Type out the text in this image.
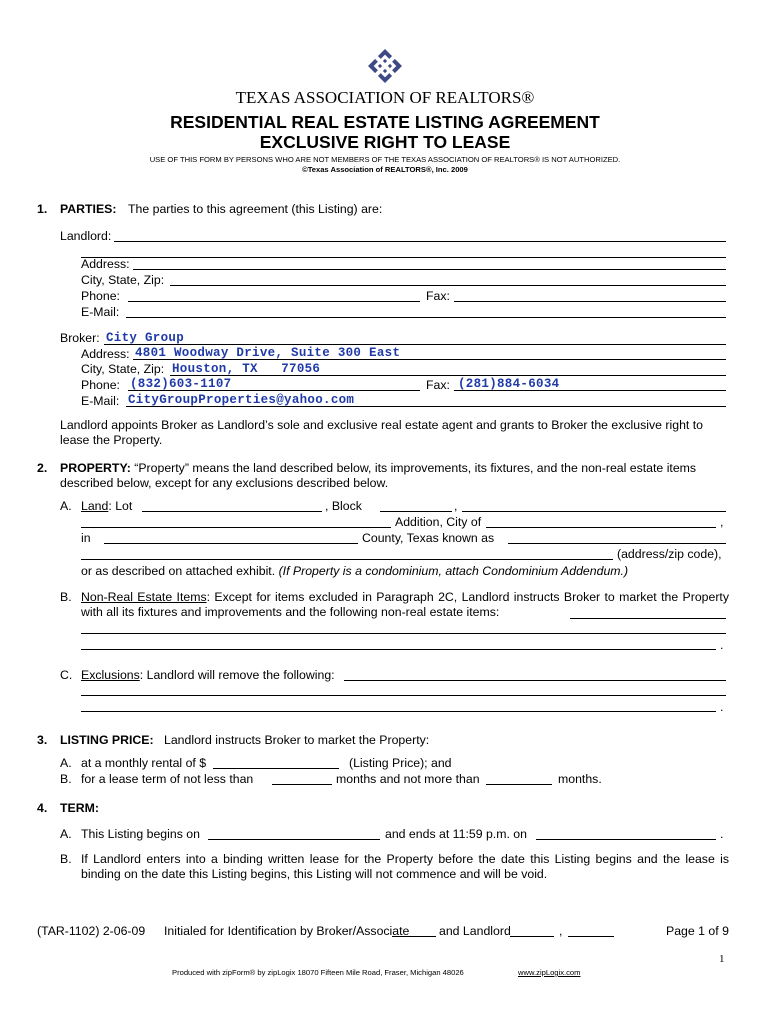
TEXAS ASSOCIATION OF REALTORS®
RESIDENTIAL REAL ESTATE LISTING AGREEMENT
EXCLUSIVE RIGHT TO LEASE
USE OF THIS FORM BY PERSONS WHO ARE NOT MEMBERS OF THE TEXAS ASSOCIATION OF REALTORS® IS NOT AUTHORIZED.
©Texas Association of REALTORS®, Inc. 2009
1. PARTIES: The parties to this agreement (this Listing) are:
Landlord:
Address:
City, State, Zip:
Phone:	Fax:
E-Mail:
Broker: City Group
Address: 4801 Woodway Drive, Suite 300 East
City, State, Zip: Houston, TX   77056
Phone: (832)603-1107	Fax: (281)884-6034
E-Mail: CityGroupProperties@yahoo.com
Landlord appoints Broker as Landlord’s sole and exclusive real estate agent and grants to Broker the exclusive right to lease the Property.
2. PROPERTY: “Property” means the land described below, its improvements, its fixtures, and the non-real estate items described below, except for any exclusions described below.
A. Land: Lot	, Block	,
Addition, City of	,
in	County, Texas known as
(address/zip code),
or as described on attached exhibit. (If Property is a condominium, attach Condominium Addendum.)
B. Non-Real Estate Items: Except for items excluded in Paragraph 2C, Landlord instructs Broker to market the Property with all its fixtures and improvements and the following non-real estate items:
.
C. Exclusions: Landlord will remove the following:
.
3. LISTING PRICE: Landlord instructs Broker to market the Property:
A. at a monthly rental of $	(Listing Price); and
B. for a lease term of not less than	months and not more than	months.
4. TERM:
A. This Listing begins on	and ends at 11:59 p.m. on	.
B. If Landlord enters into a binding written lease for the Property before the date this Listing begins and the lease is binding on the date this Listing begins, this Listing will not commence and will be void.
(TAR-1102) 2-06-09 Initialed for Identification by Broker/Associate and Landlord	,	Page 1 of 9
1
Produced with zipForm® by zipLogix 18070 Fifteen Mile Road, Fraser, Michigan 48026	www.zipLogix.com
